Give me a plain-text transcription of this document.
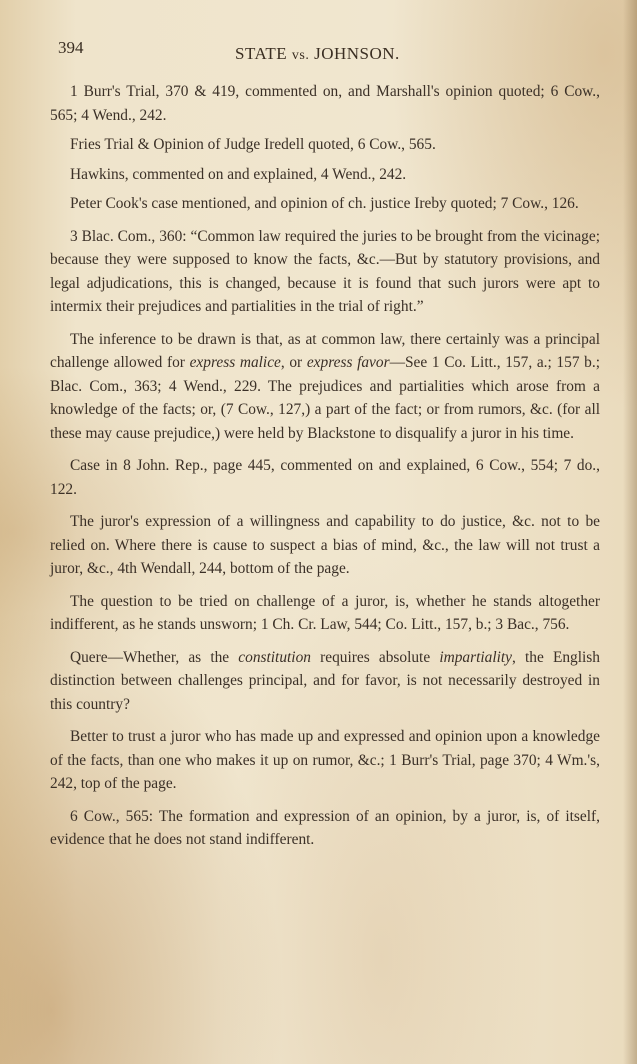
394	STATE vs. JOHNSON.

1 Burr's Trial, 370 & 419, commented on, and Marshall's opinion quoted; 6 Cow., 565; 4 Wend., 242.

Fries Trial & Opinion of Judge Iredell quoted, 6 Cow., 565.

Hawkins, commented on and explained, 4 Wend., 242.

Peter Cook's case mentioned, and opinion of ch. justice Ireby quoted; 7 Cow., 126.

3 Blac. Com., 360: “Common law required the juries to be brought from the vicinage; because they were supposed to know the facts, &c.—But by statutory provisions, and legal adjudications, this is changed, because it is found that such jurors were apt to intermix their prejudices and partialities in the trial of right.”

The inference to be drawn is that, as at common law, there certainly was a principal challenge allowed for express malice, or express favor—See 1 Co. Litt., 157, a.; 157 b.; Blac. Com., 363; 4 Wend., 229. The prejudices and partialities which arose from a knowledge of the facts; or, (7 Cow., 127,) a part of the fact; or from rumors, &c. (for all these may cause prejudice,) were held by Blackstone to disqualify a juror in his time.

Case in 8 John. Rep., page 445, commented on and explained, 6 Cow., 554; 7 do., 122.

The juror's expression of a willingness and capability to do justice, &c. not to be relied on. Where there is cause to suspect a bias of mind, &c., the law will not trust a juror, &c., 4th Wendall, 244, bottom of the page.

The question to be tried on challenge of a juror, is, whether he stands altogether indifferent, as he stands unsworn; 1 Ch. Cr. Law, 544; Co. Litt., 157, b.; 3 Bac., 756.

Quere—Whether, as the constitution requires absolute impartiality, the English distinction between challenges principal, and for favor, is not necessarily destroyed in this country?

Better to trust a juror who has made up and expressed and opinion upon a knowledge of the facts, than one who makes it up on rumor, &c.; 1 Burr's Trial, page 370; 4 Wm.'s, 242, top of the page.

6 Cow., 565: The formation and expression of an opinion, by a juror, is, of itself, evidence that he does not stand indifferent.
